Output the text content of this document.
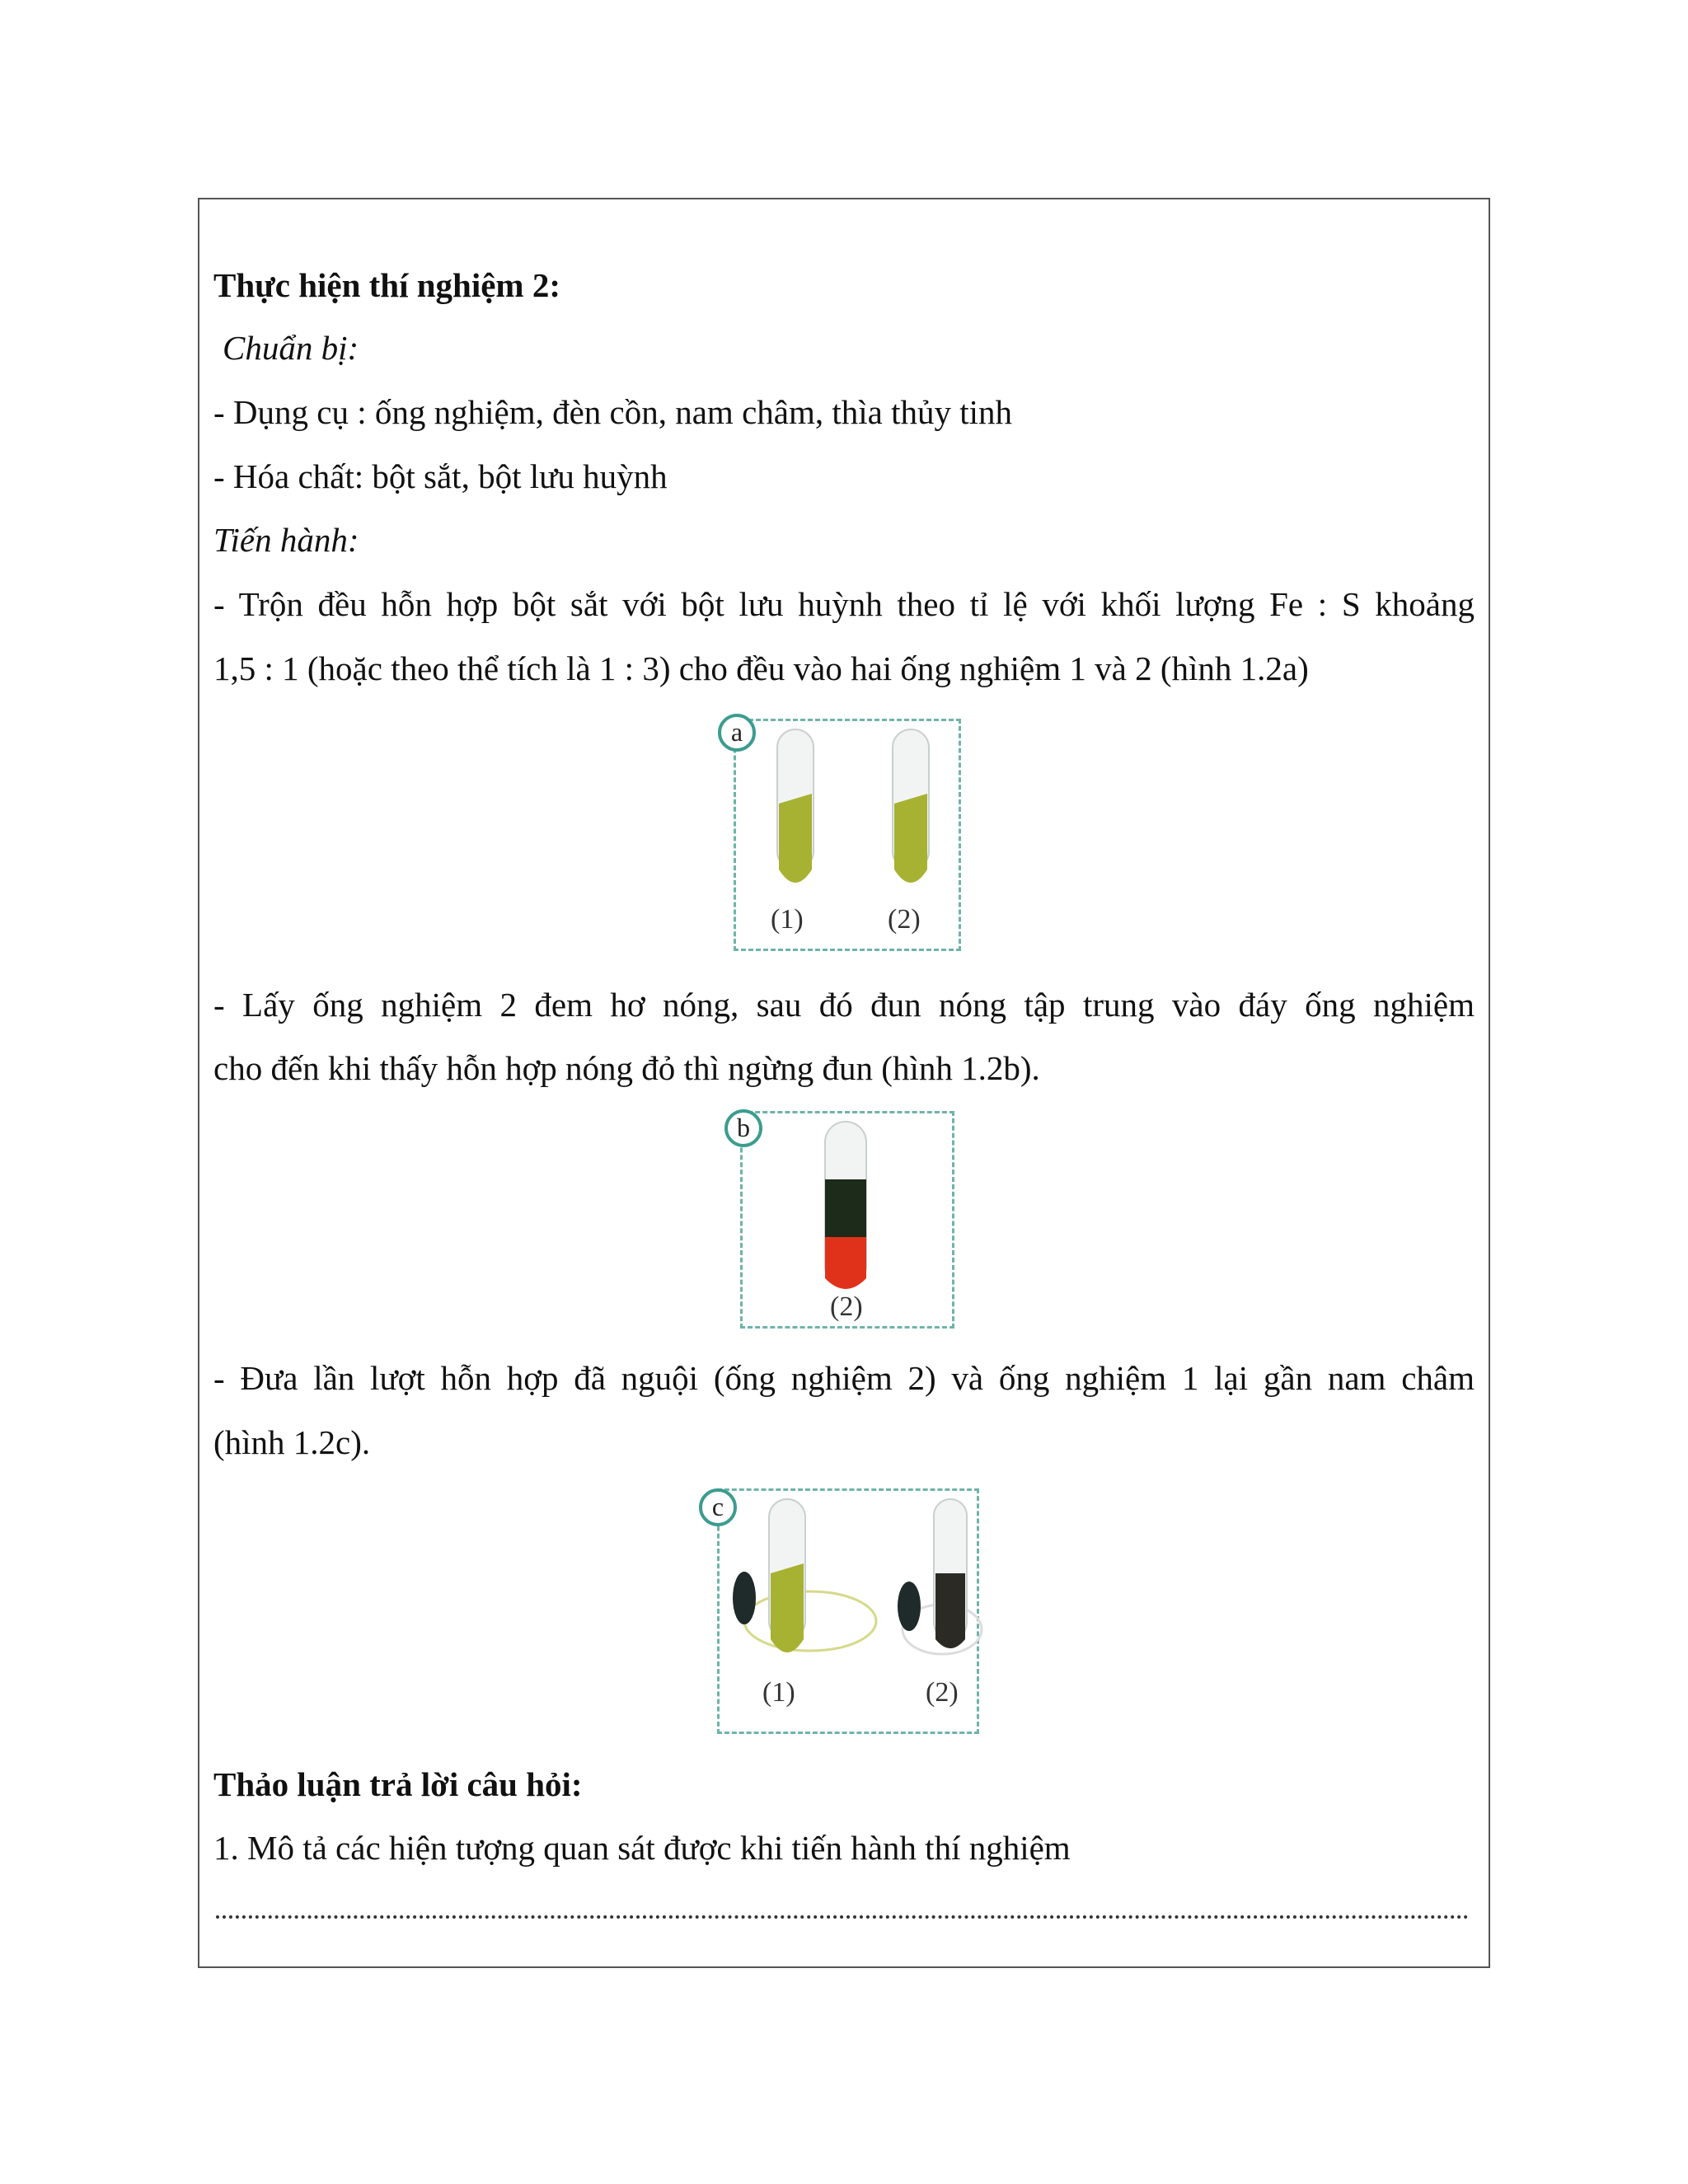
Thực hiện thí nghiệm 2:
Chuẩn bị:
- Dụng cụ : ống nghiệm, đèn cồn, nam châm, thìa thủy tinh
- Hóa chất: bột sắt, bột lưu huỳnh
Tiến hành:
- Trộn đều hỗn hợp bột sắt với bột lưu huỳnh theo tỉ lệ với khối lượng Fe : S khoảng
1,5 : 1 (hoặc theo thể tích là 1 : 3) cho đều vào hai ống nghiệm 1 và 2 (hình 1.2a)
(1)	(2)
a
- Lấy ống nghiệm 2 đem hơ nóng, sau đó đun nóng tập trung vào đáy ống nghiệm
cho đến khi thấy hỗn hợp nóng đỏ thì ngừng đun (hình 1.2b).
(2)
b
- Đưa lần lượt hỗn hợp đã nguội (ống nghiệm 2) và ống nghiệm 1 lại gần nam châm
(hình 1.2c).
(1)	(2)
c
Thảo luận trả lời câu hỏi:
1. Mô tả các hiện tượng quan sát được khi tiến hành thí nghiệm
